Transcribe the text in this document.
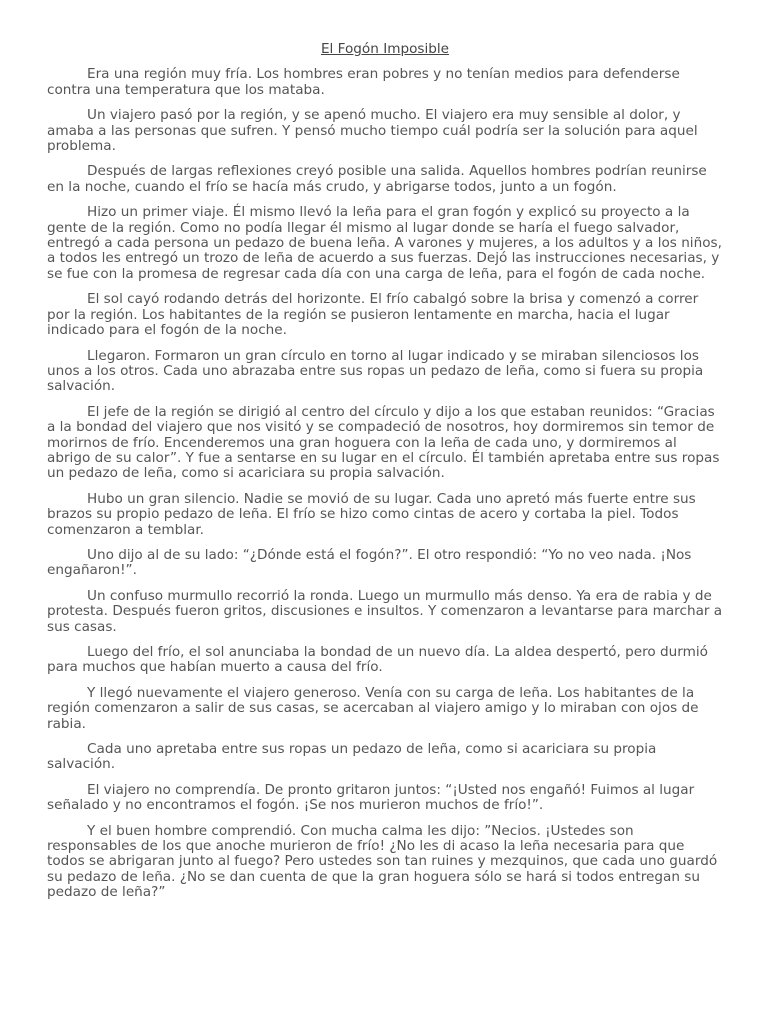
El Fogón Imposible

Era una región muy fría. Los hombres eran pobres y no tenían medios para defenderse contra una temperatura que los mataba.

Un viajero pasó por la región, y se apenó mucho. El viajero era muy sensible al dolor, y amaba a las personas que sufren. Y pensó mucho tiempo cuál podría ser la solución para aquel problema.

Después de largas reflexiones creyó posible una salida. Aquellos hombres podrían reunirse en la noche, cuando el frío se hacía más crudo, y abrigarse todos, junto a un fogón.

Hizo un primer viaje. Él mismo llevó la leña para el gran fogón y explicó su proyecto a la gente de la región. Como no podía llegar él mismo al lugar donde se haría el fuego salvador, entregó a cada persona un pedazo de buena leña. A varones y mujeres, a los adultos y a los niños, a todos les entregó un trozo de leña de acuerdo a sus fuerzas. Dejó las instrucciones necesarias, y se fue con la promesa de regresar cada día con una carga de leña, para el fogón de cada noche.

El sol cayó rodando detrás del horizonte. El frío cabalgó sobre la brisa y comenzó a correr por la región. Los habitantes de la región se pusieron lentamente en marcha, hacia el lugar indicado para el fogón de la noche.

Llegaron. Formaron un gran círculo en torno al lugar indicado y se miraban silenciosos los unos a los otros. Cada uno abrazaba entre sus ropas un pedazo de leña, como si fuera su propia salvación.

El jefe de la región se dirigió al centro del círculo y dijo a los que estaban reunidos: “Gracias a la bondad del viajero que nos visitó y se compadeció de nosotros, hoy dormiremos sin temor de morirnos de frío. Encenderemos una gran hoguera con la leña de cada uno, y dormiremos al abrigo de su calor”. Y fue a sentarse en su lugar en el círculo. Él también apretaba entre sus ropas un pedazo de leña, como si acariciara su propia salvación.

Hubo un gran silencio. Nadie se movió de su lugar. Cada uno apretó más fuerte entre sus brazos su propio pedazo de leña. El frío se hizo como cintas de acero y cortaba la piel. Todos comenzaron a temblar.

Uno dijo al de su lado: “¿Dónde está el fogón?”. El otro respondió: “Yo no veo nada. ¡Nos engañaron!”.

Un confuso murmullo recorrió la ronda. Luego un murmullo más denso. Ya era de rabia y de protesta. Después fueron gritos, discusiones e insultos. Y comenzaron a levantarse para marchar a sus casas.

Luego del frío, el sol anunciaba la bondad de un nuevo día. La aldea despertó, pero durmió para muchos que habían muerto a causa del frío.

Y llegó nuevamente el viajero generoso. Venía con su carga de leña. Los habitantes de la región comenzaron a salir de sus casas, se acercaban al viajero amigo y lo miraban con ojos de rabia.

Cada uno apretaba entre sus ropas un pedazo de leña, como si acariciara su propia salvación.

El viajero no comprendía. De pronto gritaron juntos: “¡Usted nos engañó! Fuimos al lugar señalado y no encontramos el fogón. ¡Se nos murieron muchos de frío!”.

Y el buen hombre comprendió. Con mucha calma les dijo: ”Necios. ¡Ustedes son responsables de los que anoche murieron de frío! ¿No les di acaso la leña necesaria para que todos se abrigaran junto al fuego? Pero ustedes son tan ruines y mezquinos, que cada uno guardó su pedazo de leña. ¿No se dan cuenta de que la gran hoguera sólo se hará si todos entregan su pedazo de leña?”
